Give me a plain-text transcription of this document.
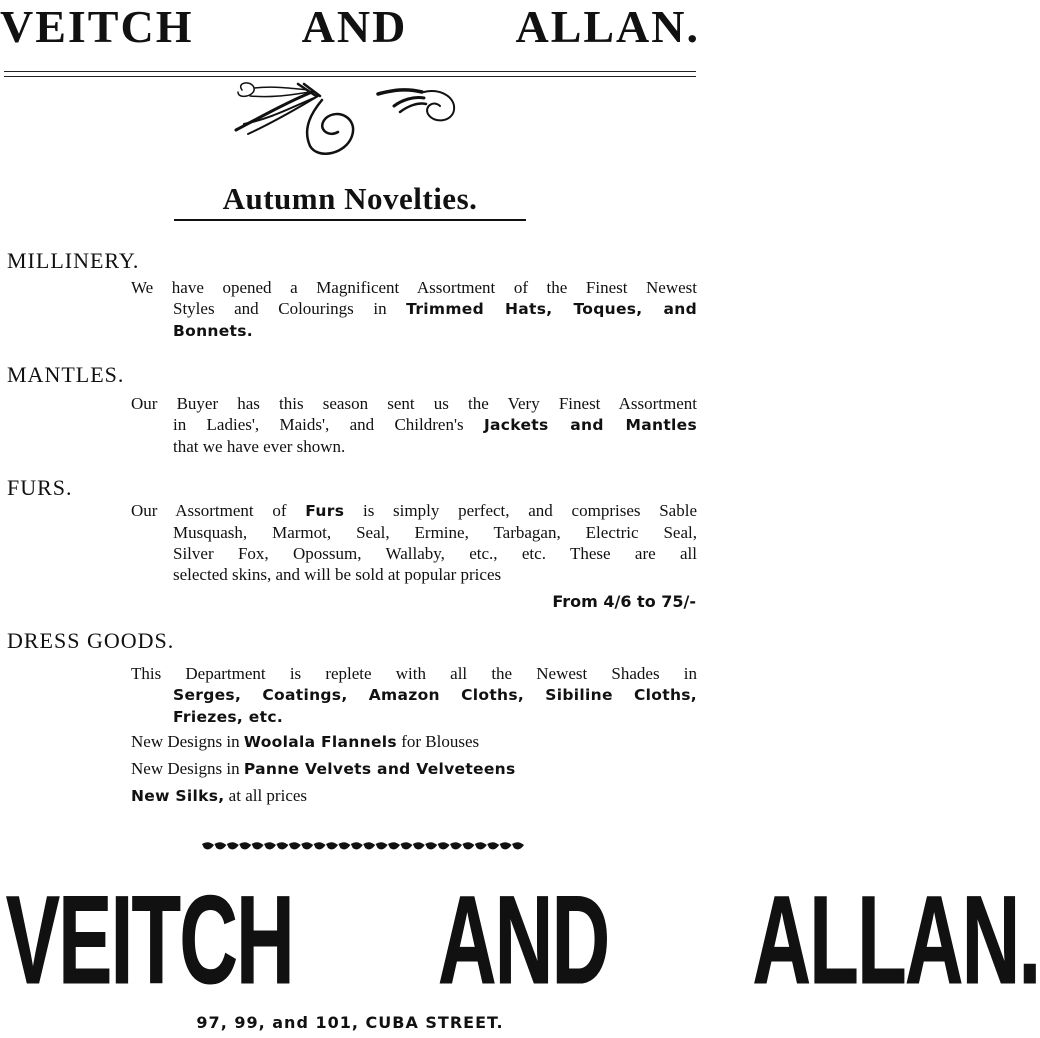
VEITCH AND ALLAN.
Autumn Novelties.
MILLINERY.
We have opened a Magnificent Assortment of the Finest Newest
Styles and Colourings in Trimmed Hats, Toques, and
Bonnets.
MANTLES.
Our Buyer has this season sent us the Very Finest Assortment
in Ladies', Maids', and Children's Jackets and Mantles
that we have ever shown.
FURS.
Our Assortment of Furs is simply perfect, and comprises Sable
Musquash, Marmot, Seal, Ermine, Tarbagan, Electric Seal,
Silver Fox, Opossum, Wallaby, etc., etc. These are all
selected skins, and will be sold at popular prices
From 4/6 to 75/-
DRESS GOODS.
This Department is replete with all the Newest Shades in
Serges, Coatings, Amazon Cloths, Sibiline Cloths,
Friezes, etc.
New Designs in Woolala Flannels for Blouses
New Designs in Panne Velvets and Velveteens
New Silks, at all prices
VEITCH AND ALLAN.
97, 99, and 101, CUBA STREET.
